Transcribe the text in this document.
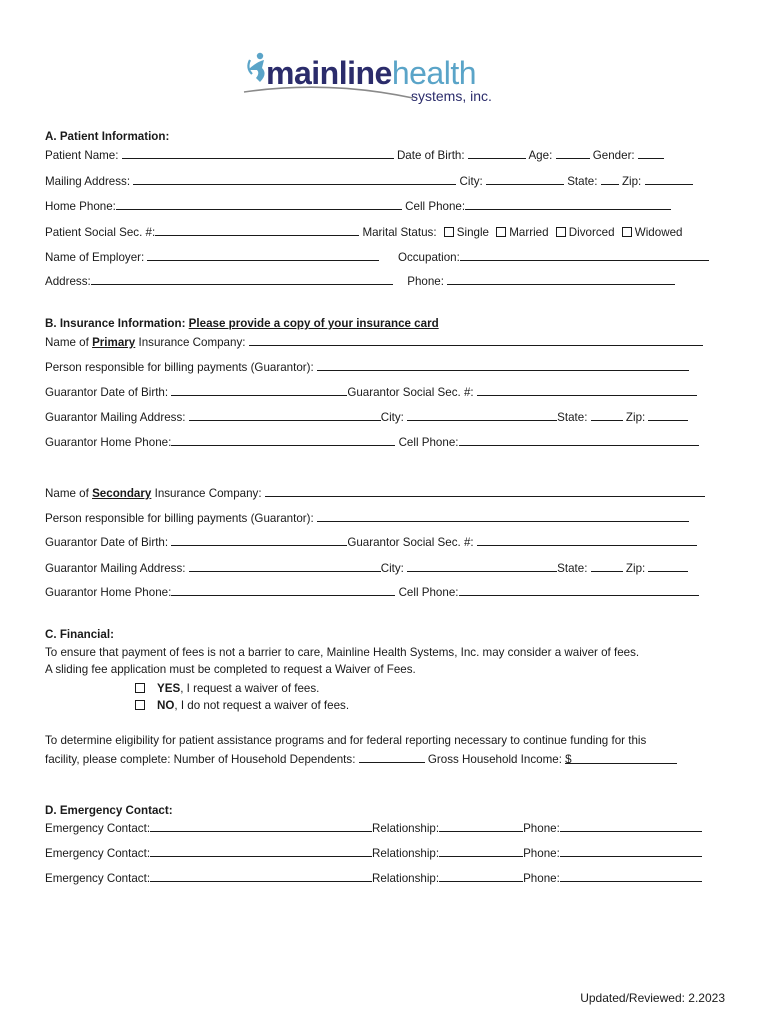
mainlinehealth
systems, inc.
A. Patient Information:
Patient Name:	Date of Birth:	Age:	Gender:
Mailing Address:	City:	State: Zip:
Home Phone:	Cell Phone:
Patient Social Sec. #:	Marital Status: Single Married Divorced Widowed
Name of Employer:	Occupation:
Address:	Phone:
B. Insurance Information: Please provide a copy of your insurance card
Name of Primary Insurance Company:
Person responsible for billing payments (Guarantor):
Guarantor Date of Birth:	Guarantor Social Sec. #:
Guarantor Mailing Address:	City:	State:	Zip:
Guarantor Home Phone:	Cell Phone:
Name of Secondary Insurance Company:
Person responsible for billing payments (Guarantor):
Guarantor Date of Birth:	Guarantor Social Sec. #:
Guarantor Mailing Address:	City:	State:	Zip:
Guarantor Home Phone:	Cell Phone:
C. Financial:
To ensure that payment of fees is not a barrier to care, Mainline Health Systems, Inc. may consider a waiver of fees.
A sliding fee application must be completed to request a Waiver of Fees.
YES, I request a waiver of fees.
NO, I do not request a waiver of fees.
To determine eligibility for patient assistance programs and for federal reporting necessary to continue funding for this
facility, please complete: Number of Household Dependents:	Gross Household Income: $
D. Emergency Contact:
Emergency Contact:	Relationship:	Phone:
Emergency Contact:	Relationship:	Phone:
Emergency Contact:	Relationship:	Phone:
Updated/Reviewed: 2.2023
